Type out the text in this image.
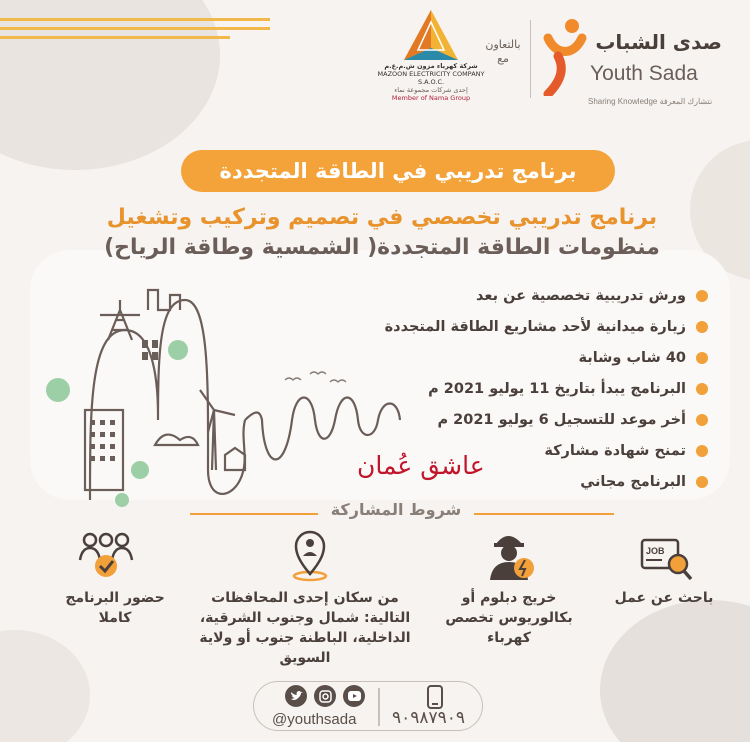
صدى الشباب
Youth Sada
Sharing Knowledge نتشارك المعرفة
بالتعاون مع
شركة كهرباء مزون ش.م.ع.م
MAZOON ELECTRICITY COMPANY S.A.O.C.
إحدى شركات مجموعة نماء
Member of Nama Group
برنامج تدريبي في الطاقة المتجددة
برنامج تدريبي تخصصي في تصميم وتركيب وتشغيل
منظومات الطاقة المتجددة( الشمسية وطاقة الرياح)
ورش تدريبية تخصصية عن بعد
زيارة ميدانية لأحد مشاريع الطاقة المتجددة
40 شاب وشابة
البرنامج يبدأ بتاريخ 11 يوليو 2021 م
أخر موعد للتسجيل 6 يوليو 2021 م
تمنح شهادة مشاركة
البرنامج مجاني
عاشق عُمان
شروط المشاركة
JOB
باحث عن عمل
خريج دبلوم أو بكالوريوس تخصص كهرباء
من سكان إحدى المحافظات التالية: شمال وجنوب الشرقية، الداخلية، الباطنة جنوب أو ولاية السويق
حضور البرنامج كاملا
@youthsada ٩٠٩٨٧٩٠٩
